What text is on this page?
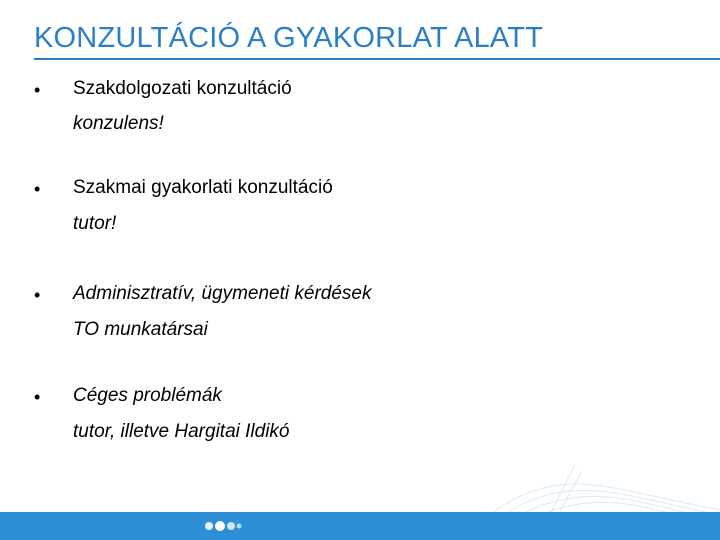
KONZULTÁCIÓ A GYAKORLAT ALATT
• Szakdolgozati konzultáció
konzulens!
• Szakmai gyakorlati konzultáció
tutor!
• Adminisztratív, ügymeneti kérdések
TO munkatársai
• Céges problémák
tutor, illetve Hargitai Ildikó
